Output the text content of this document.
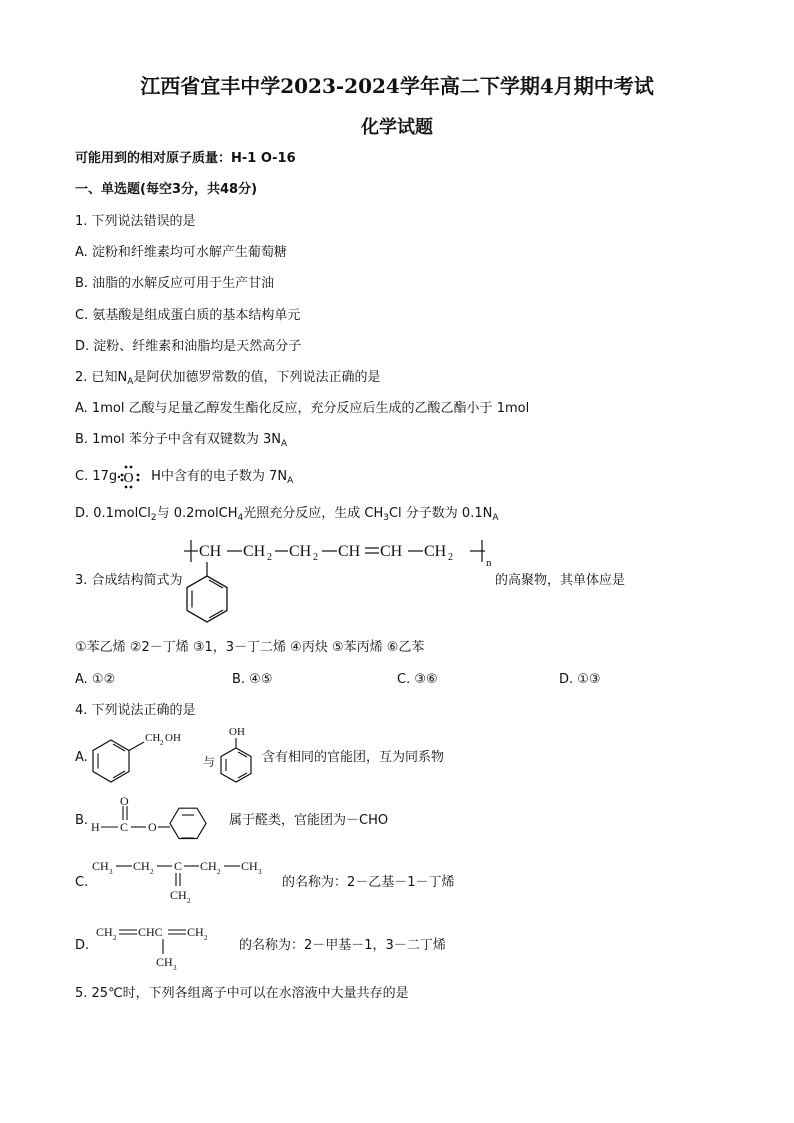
江西省宜丰中学2023-2024学年高二下学期4月期中考试
化学试题
可能用到的相对原子质量：H-1 O-16
一、单选题(每空3分，共48分)
1. 下列说法错误的是
A. 淀粉和纤维素均可水解产生葡萄糖
B. 油脂的水解反应可用于生产甘油
C. 氨基酸是组成蛋白质的基本结构单元
D. 淀粉、纤维素和油脂均是天然高分子
2. 已知$N_A$是阿伏加德罗常数的值，下列说法正确的是
A. 1mol 乙酸与足量乙醇发生酯化反应，充分反应后生成的乙酸乙酯小于 1mol
B. 1mol 苯分子中含有双键数为 $3N_A$
C. 17g O H中含有的电子数为 $7N_A$
D. 0.1molCl$_2$与 0.2molCH$_4$光照充分反应，生成 $CH_3Cl$ 分子数为 $0.1N_A$
CH CH 2 CH 2 CH CH CH 2	n
3. 合成结构简式为	的高聚物，其单体应是
①苯乙烯 ②2－丁烯 ③1，3－丁二烯 ④丙炔 ⑤苯丙烯 ⑥乙苯
A. ①②	B. ④⑤	C. ③⑥	D. ①③
4. 下列说法正确的是
A.
CH 2 OH
与
OH
含有相同的官能团，互为同系物
B. H C
O
O	属于醛类，官能团为－CHO
C.
CH 3 CH 2 C CH 2 CH 3
CH 2
的名称为：2－乙基－1－丁烯
D.
CH 2 CHC CH 2
CH 3
的名称为：2－甲基－1，3－二丁烯
5. 25℃时，下列各组离子中可以在水溶液中大量共存的是
